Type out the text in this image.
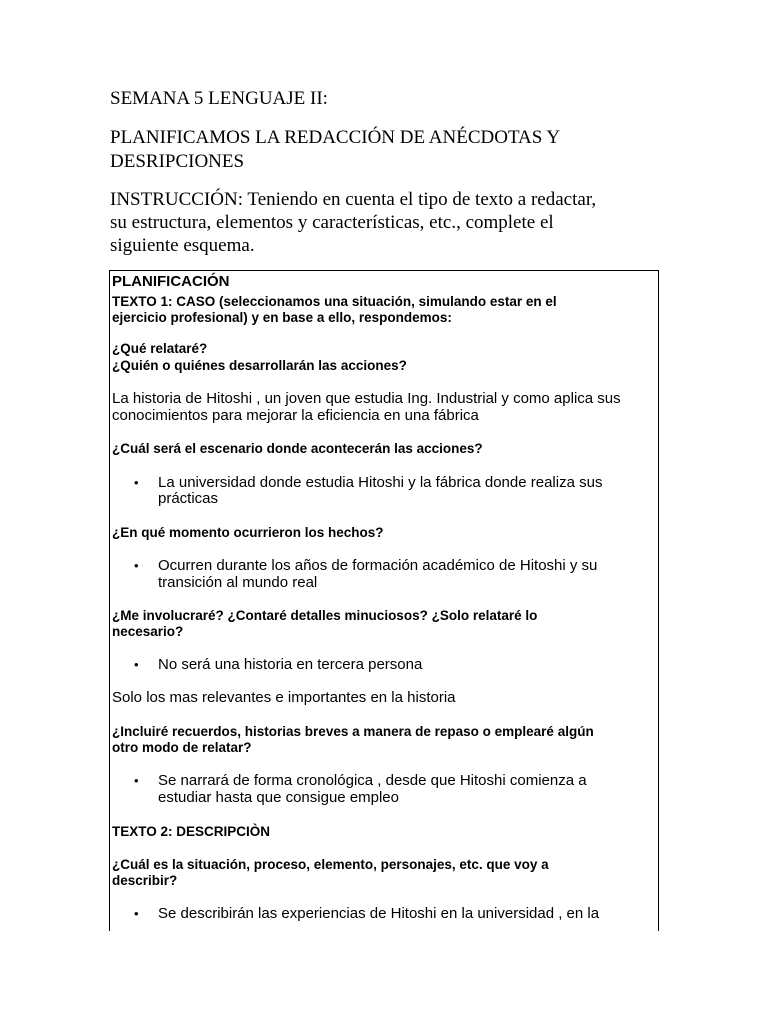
SEMANA 5 LENGUAJE II:

PLANIFICAMOS LA REDACCIÓN DE ANÉCDOTAS Y

DESRIPCIONES

INSTRUCCIÓN: Teniendo en cuenta el tipo de texto a redactar,

su estructura, elementos y características, etc., complete el

siguiente esquema.

PLANIFICACIÓN
TEXTO 1: CASO (seleccionamos una situación, simulando estar en el
ejercicio profesional) y en base a ello, respondemos:
¿Qué relataré?
¿Quién o quiénes desarrollarán las acciones?
La historia de Hitoshi , un joven que estudia Ing. Industrial y como aplica sus
conocimientos para mejorar la eficiencia en una fábrica
¿Cuál será el escenario donde acontecerán las acciones?
• La universidad donde estudia Hitoshi y la fábrica donde realiza sus
prácticas
¿En qué momento ocurrieron los hechos?
• Ocurren durante los años de formación académico de Hitoshi y su
transición al mundo real
¿Me involucraré? ¿Contaré detalles minuciosos? ¿Solo relataré lo
necesario?
• No será una historia en tercera persona
Solo los mas relevantes e importantes en la historia
¿Incluiré recuerdos, historias breves a manera de repaso o empleаré algún
otro modo de relatar?
• Se narrará de forma cronológica , desde que Hitoshi comienza a
estudiar hasta que consigue empleo
TEXTO 2: DESCRIPCIÒN
¿Cuál es la situación, proceso, elemento, personajes, etc. que voy a
describir?
• Se describirán las experiencias de Hitoshi en la universidad , en la
